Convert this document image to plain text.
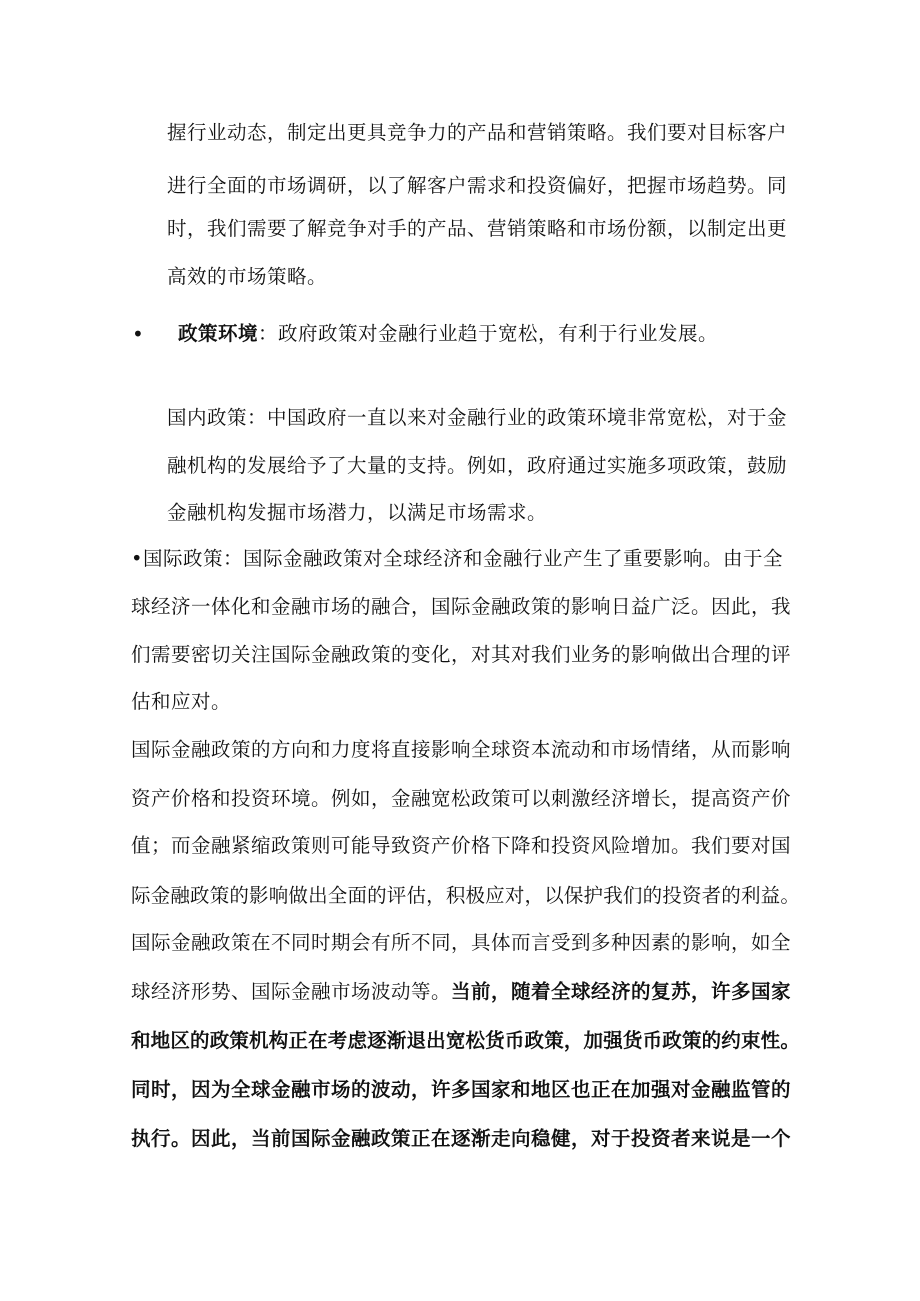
握行业动态，制定出更具竞争力的产品和营销策略。我们要对目标客户
进行全面的市场调研，以了解客户需求和投资偏好，把握市场趋势。同
时，我们需要了解竞争对手的产品、营销策略和市场份额，以制定出更
高效的市场策略。
• 政策环境：政府政策对金融行业趋于宽松，有利于行业发展。
国内政策：中国政府一直以来对金融行业的政策环境非常宽松，对于金
融机构的发展给予了大量的支持。例如，政府通过实施多项政策，鼓励
金融机构发掘市场潜力，以满足市场需求。
•国际政策：国际金融政策对全球经济和金融行业产生了重要影响。由于全
球经济一体化和金融市场的融合，国际金融政策的影响日益广泛。因此，我
们需要密切关注国际金融政策的变化，对其对我们业务的影响做出合理的评
估和应对。
国际金融政策的方向和力度将直接影响全球资本流动和市场情绪，从而影响
资产价格和投资环境。例如，金融宽松政策可以刺激经济增长，提高资产价
值；而金融紧缩政策则可能导致资产价格下降和投资风险增加。我们要对国
际金融政策的影响做出全面的评估，积极应对，以保护我们的投资者的利益。
国际金融政策在不同时期会有所不同，具体而言受到多种因素的影响，如全
球经济形势、国际金融市场波动等。当前，随着全球经济的复苏，许多国家
和地区的政策机构正在考虑逐渐退出宽松货币政策，加强货币政策的约束性。
同时，因为全球金融市场的波动，许多国家和地区也正在加强对金融监管的
执行。因此，当前国际金融政策正在逐渐走向稳健，对于投资者来说是一个
